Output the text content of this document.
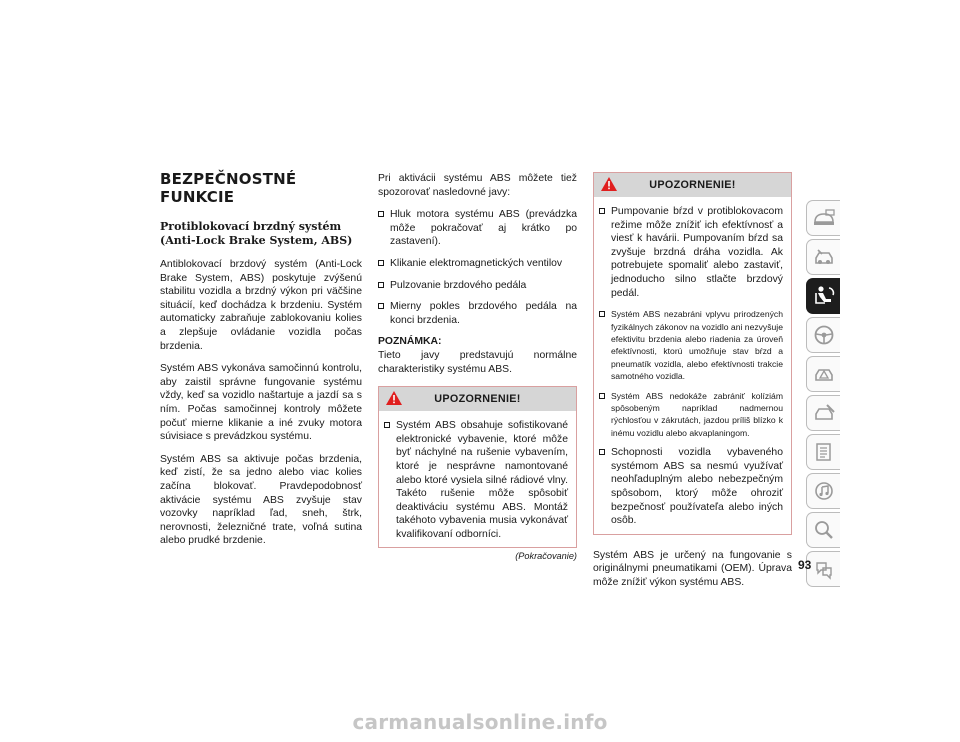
BEZPEČNOSTNÉ FUNKCIE
Protiblokovací brzdný systém (Anti-Lock Brake System, ABS)

Antiblokovací brzdový systém (Anti-Lock Brake System, ABS) poskytuje zvýšenú stabilitu vozidla a brzdný výkon pri väčšine situácií, keď dochádza k brzdeniu. Systém automaticky zabraňuje zablokovaniu kolies a zlepšuje ovládanie vozidla počas brzdenia.

Systém ABS vykonáva samočinnú kontrolu, aby zaistil správne fungovanie systému vždy, keď sa vozidlo naštartuje a jazdí sa s ním. Počas samočinnej kontroly môžete počuť mierne klikanie a iné zvuky motora súvisiace s prevádzkou systému.

Systém ABS sa aktivuje počas brzdenia, keď zistí, že sa jedno alebo viac kolies začína blokovať. Pravdepodobnosť aktivácie systému ABS zvyšuje stav vozovky napríklad ľad, sneh, štrk, nerovnosti, železničné trate, voľná sutina alebo prudké brzdenie.

Pri aktivácii systému ABS môžete tiež spozorovať nasledovné javy:

Hluk motora systému ABS (prevádzka môže pokračovať aj krátko po zastavení).
Klikanie elektromagnetických ventilov
Pulzovanie brzdového pedála
Mierny pokles brzdového pedála na konci brzdenia.

POZNÁMKA:

Tieto javy predstavujú normálne charakteristiky systému ABS.

UPOZORNENIE!
Systém ABS obsahuje sofistikované elektronické vybavenie, ktoré môže byť náchylné na rušenie vybavením, ktoré je nesprávne namontované alebo ktoré vysiela silné rádiové vlny. Takéto rušenie môže spôsobiť deaktiváciu systému ABS. Montáž takéhoto vybavenia musia vykonávať kvalifikovaní odborníci.
(Pokračovanie)
UPOZORNENIE!
Pumpovanie bŕzd v protiblokovacom režime môže znížiť ich efektívnosť a viesť k havárii. Pumpovaním bŕzd sa zvyšuje brzdná dráha vozidla. Ak potrebujete spomaliť alebo zastaviť, jednoducho silno stlačte brzdový pedál.
Systém ABS nezabráni vplyvu prirodzených fyzikálnych zákonov na vozidlo ani nezvyšuje efektivitu brzdenia alebo riadenia za úroveň efektívnosti, ktorú umožňuje stav bŕzd a pneumatík vozidla, alebo efektívnosti trakcie samotného vozidla.
Systém ABS nedokáže zabrániť kolíziám spôsobeným napríklad nadmernou rýchlosťou v zákrutách, jazdou príliš blízko k inému vozidlu alebo akvaplaningom.
Schopnosti vozidla vybaveného systémom ABS sa nesmú využívať neohľaduplným alebo nebezpečným spôsobom, ktorý môže ohroziť bezpečnosť používateľa alebo iných osôb.

Systém ABS je určený na fungovanie s originálnymi pneumatikami (OEM). Úprava môže znížiť výkon systému ABS.

93
carmanualsonline.info
